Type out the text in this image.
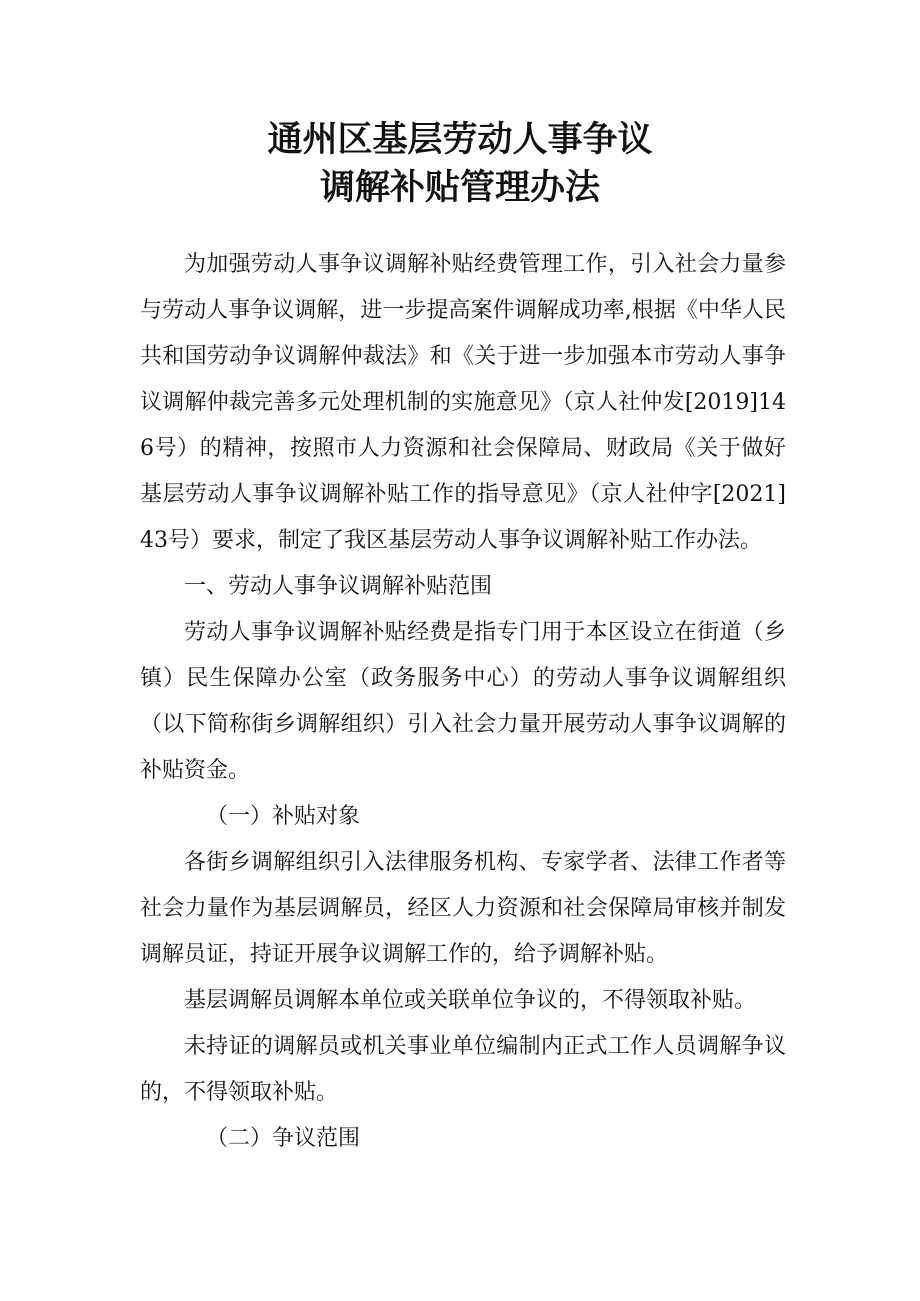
通州区基层劳动人事争议
调解补贴管理办法

为加强劳动人事争议调解补贴经费管理工作，引入社会力量参与劳动人事争议调解，进一步提高案件调解成功率,根据《中华人民共和国劳动争议调解仲裁法》和《关于进一步加强本市劳动人事争议调解仲裁完善多元处理机制的实施意见》（京人社仲发[2019]146号）的精神，按照市人力资源和社会保障局、财政局《关于做好基层劳动人事争议调解补贴工作的指导意见》（京人社仲字[2021]43号）要求，制定了我区基层劳动人事争议调解补贴工作办法。

一、劳动人事争议调解补贴范围

劳动人事争议调解补贴经费是指专门用于本区设立在街道（乡镇）民生保障办公室（政务服务中心）的劳动人事争议调解组织（以下简称街乡调解组织）引入社会力量开展劳动人事争议调解的补贴资金。

（一）补贴对象

各街乡调解组织引入法律服务机构、专家学者、法律工作者等社会力量作为基层调解员，经区人力资源和社会保障局审核并制发调解员证，持证开展争议调解工作的，给予调解补贴。

基层调解员调解本单位或关联单位争议的，不得领取补贴。

未持证的调解员或机关事业单位编制内正式工作人员调解争议的，不得领取补贴。

（二）争议范围
